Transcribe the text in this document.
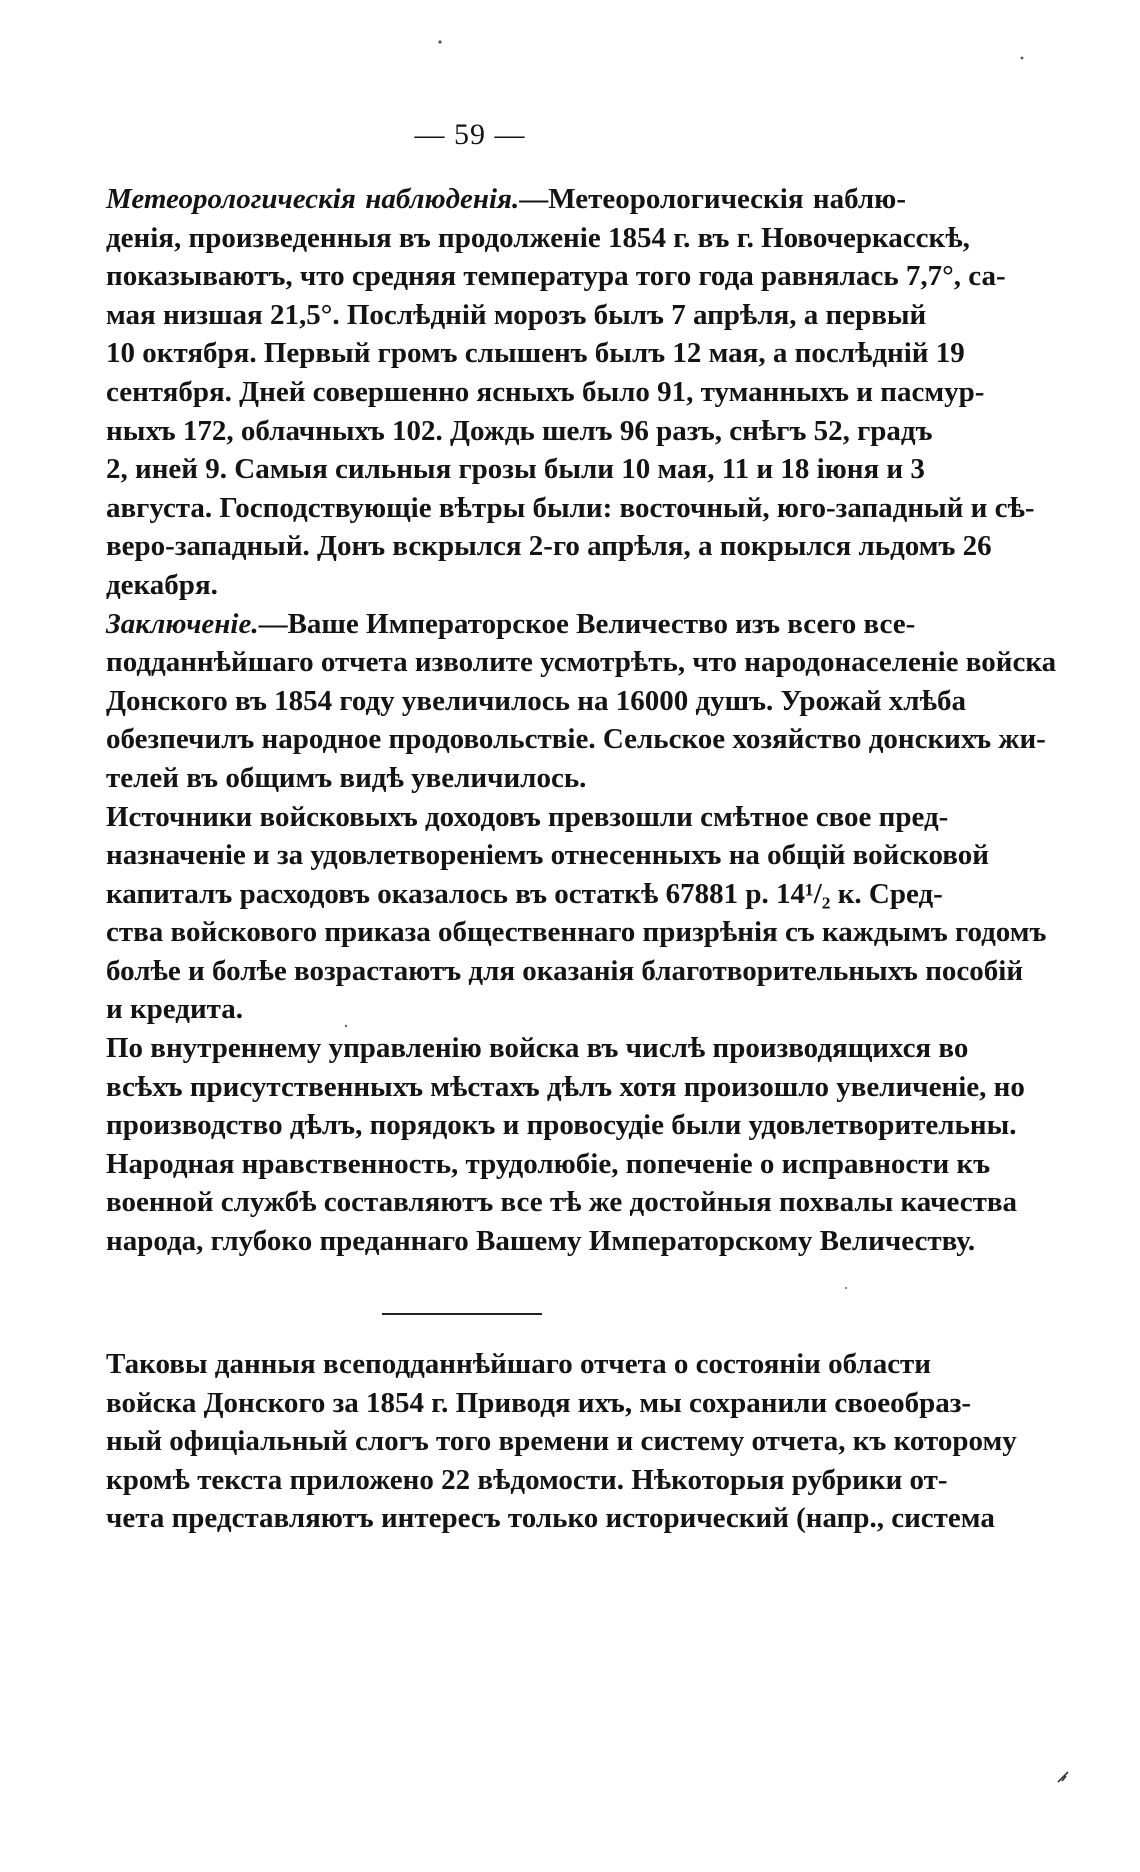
— 59 —
Метеорологическія наблюденія.—Метеорологическія наблю-
денія, произведенныя въ продолженіе 1854 г. въ г. Новочеркасскѣ,
показываютъ, что средняя температура того года равнялась 7,7°, са-
мая низшая 21,5°. Послѣдній морозъ былъ 7 апрѣля, а первый
10 октября. Первый громъ слышенъ былъ 12 мая, а послѣдній 19
сентября. Дней совершенно ясныхъ было 91, туманныхъ и пасмур-
ныхъ 172, облачныхъ 102. Дождь шелъ 96 разъ, снѣгъ 52, градъ
2, иней 9. Самыя сильныя грозы были 10 мая, 11 и 18 іюня и 3
августа. Господствующіе вѣтры были: восточный, юго-западный и сѣ-
веро-западный. Донъ вскрылся 2-го апрѣля, а покрылся льдомъ 26
декабря.
Заключеніе.—Ваше Императорское Величество изъ всего все-
подданнѣйшаго отчета изволите усмотрѣть, что народонаселеніе войска
Донского въ 1854 году увеличилось на 16000 душъ. Урожай хлѣба
обезпечилъ народное продовольствіе. Сельское хозяйство донскихъ жи-
телей въ общимъ видѣ увеличилось.
Источники войсковыхъ доходовъ превзошли смѣтное свое пред-
назначеніе и за удовлетвореніемъ отнесенныхъ на общій войсковой
капиталъ расходовъ оказалось въ остаткѣ 67881 р. 14¹/₂ к. Сред-
ства войскового приказа общественнаго призрѣнія съ каждымъ годомъ
болѣе и болѣе возрастаютъ для оказанія благотворительныхъ пособій
и кредита.
По внутреннему управленію войска въ числѣ производящихся во
всѣхъ присутственныхъ мѣстахъ дѣлъ хотя произошло увеличеніе, но
производство дѣлъ, порядокъ и провосудіе были удовлетворительны.
Народная нравственность, трудолюбіе, попеченіе о исправности къ
военной службѣ составляютъ все тѣ же достойныя похвалы качества
народа, глубоко преданнаго Вашему Императорскому Величеству.
Таковы данныя всеподданнѣйшаго отчета о состояніи области
войска Донского за 1854 г. Приводя ихъ, мы сохранили своеобраз-
ный офиціальный слогъ того времени и систему отчета, къ которому
кромѣ текста приложено 22 вѣдомости. Нѣкоторыя рубрики от-
чета представляютъ интересъ только исторический (напр., система
